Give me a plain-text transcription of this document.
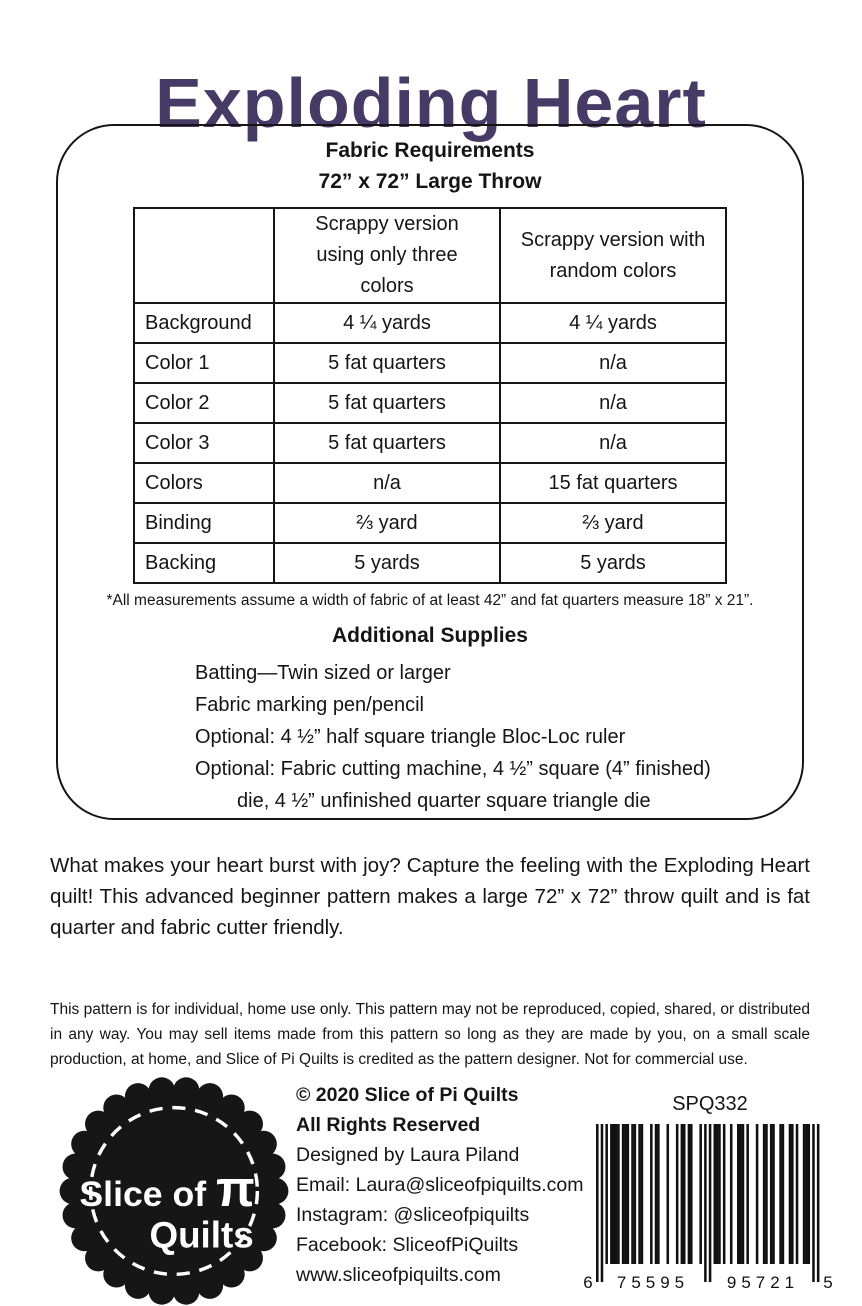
Exploding Heart
Fabric Requirements
72” x 72” Large Throw
	Scrappy version using only three colors	Scrappy version with random colors
Background	4 ¼ yards	4 ¼ yards
Color 1	5 fat quarters	n/a
Color 2	5 fat quarters	n/a
Color 3	5 fat quarters	n/a
Colors	n/a	15 fat quarters
Binding	⅔ yard	⅔ yard
Backing	5 yards	5 yards
*All measurements assume a width of fabric of at least 42” and fat quarters measure 18” x 21”.
Additional Supplies
Batting—Twin sized or larger
Fabric marking pen/pencil
Optional: 4 ½” half square triangle Bloc-Loc ruler
Optional: Fabric cutting machine, 4 ½” square (4” finished)
die, 4 ½” unfinished quarter square triangle die

What makes your heart burst with joy? Capture the feeling with the Exploding Heart quilt! This advanced beginner pattern makes a large 72” x 72” throw quilt and is fat quarter and fabric cutter friendly.

This pattern is for individual, home use only. This pattern may not be reproduced, copied, shared, or distributed in any way. You may sell items made from this pattern so long as they are made by you, on a small scale production, at home, and Slice of Pi Quilts is credited as the pattern designer. Not for commercial use.

Slice of π
Quilts
© 2020 Slice of Pi Quilts
All Rights Reserved
Designed by Laura Piland
Email: Laura@sliceofpiquilts.com
Instagram: @sliceofpiquilts
Facebook: SliceofPiQuilts
www.sliceofpiquilts.com
SPQ332
6 75595 95721 5
